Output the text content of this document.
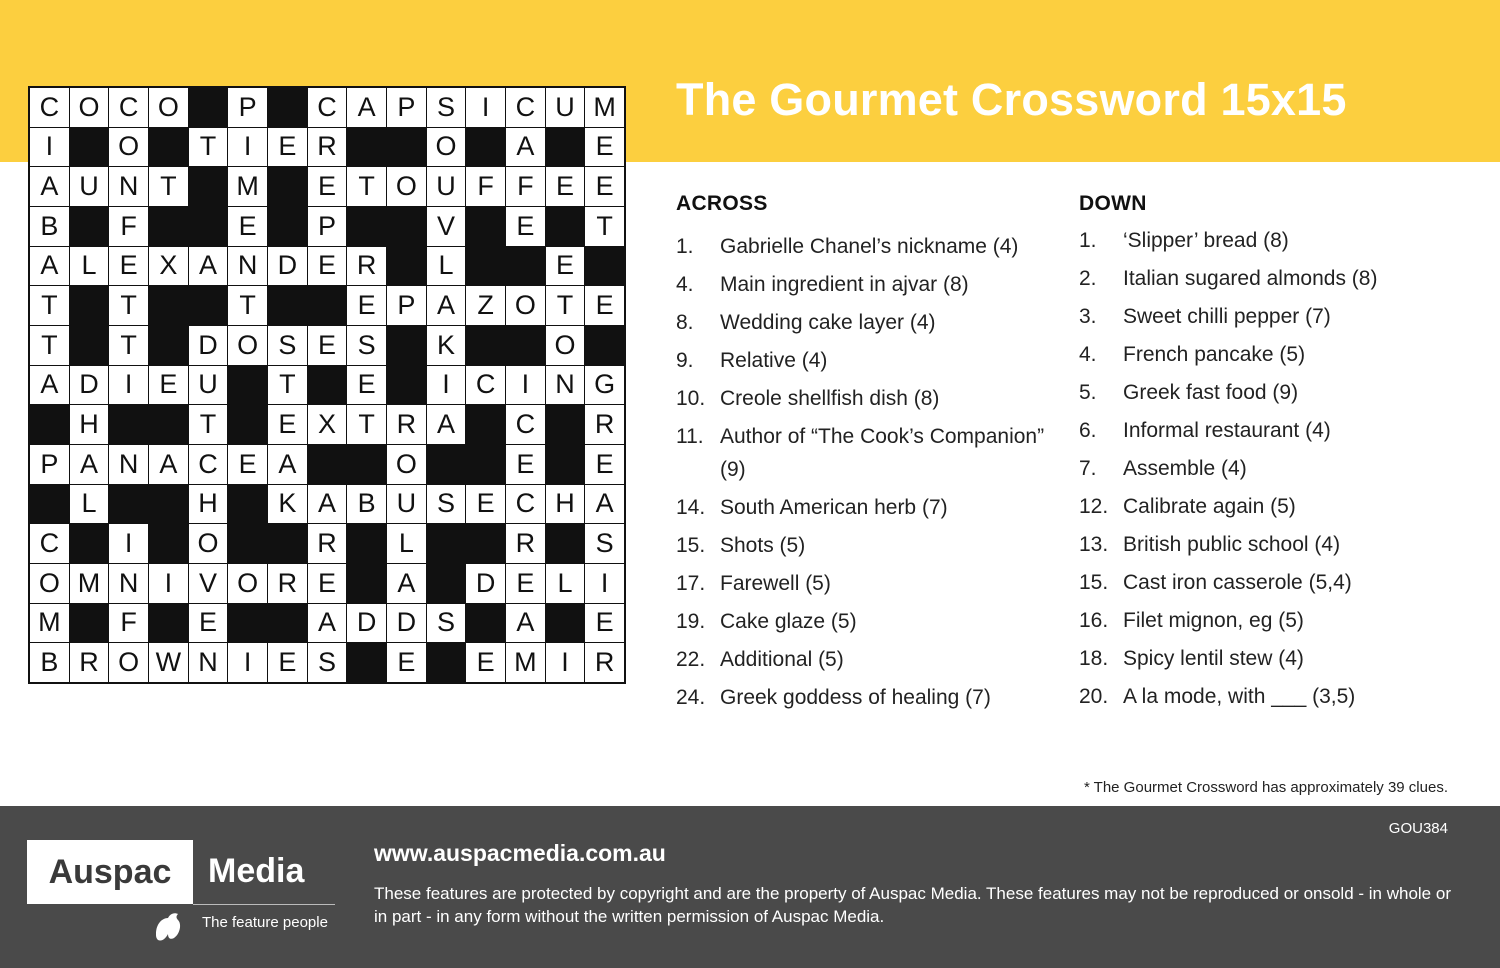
The Gourmet Crossword 15x15
C O C O	P	C A P S I C U M
I	O	T	I E R	O	A	E
A U N T	M	E T O U F F E E
B	F	E	P	V	E	T
A L E X A N D E R	L	E
T	T	T	E P A Z O T E
T	T	D O S E S	K	O
A D I E U	T	E	I C I N G
H	T	E X T R A	C	R
P A N A C E A	O	E	E
L	H	K A B U S E C H A
C	I	O	R	L	R	S
O M N I V O R E	A	D E L	I
M	F	E	A D D S	A	E
B R O W N I E S	E	E M I R
ACROSS
1.	Gabrielle Chanel’s nickname (4)
4.	Main ingredient in ajvar (8)
8.	Wedding cake layer (4)
9.	Relative (4)
10. Creole shellfish dish (8)
11. Author of “The Cook’s Companion” (9)
14. South American herb (7)
15. Shots (5)
17. Farewell (5)
19. Cake glaze (5)
22. Additional (5)
24. Greek goddess of healing (7)
DOWN
1.	‘Slipper’ bread (8)
2.	Italian sugared almonds (8)
3.	Sweet chilli pepper (7)
4.	French pancake (5)
5.	Greek fast food (9)
6.	Informal restaurant (4)
7.	Assemble (4)
12. Calibrate again (5)
13. British public school (4)
15. Cast iron casserole (5,4)
16. Filet mignon, eg (5)
18. Spicy lentil stew (4)
20. A la mode, with ___ (3,5)
* The Gourmet Crossword has approximately 39 clues.
GOU384
Auspac	Media
The feature people
www.auspacmedia.com.au
These features are protected by copyright and are the property of Auspac Media. These features may not be reproduced or onsold - in whole or in part - in any form without the written permission of Auspac Media.
